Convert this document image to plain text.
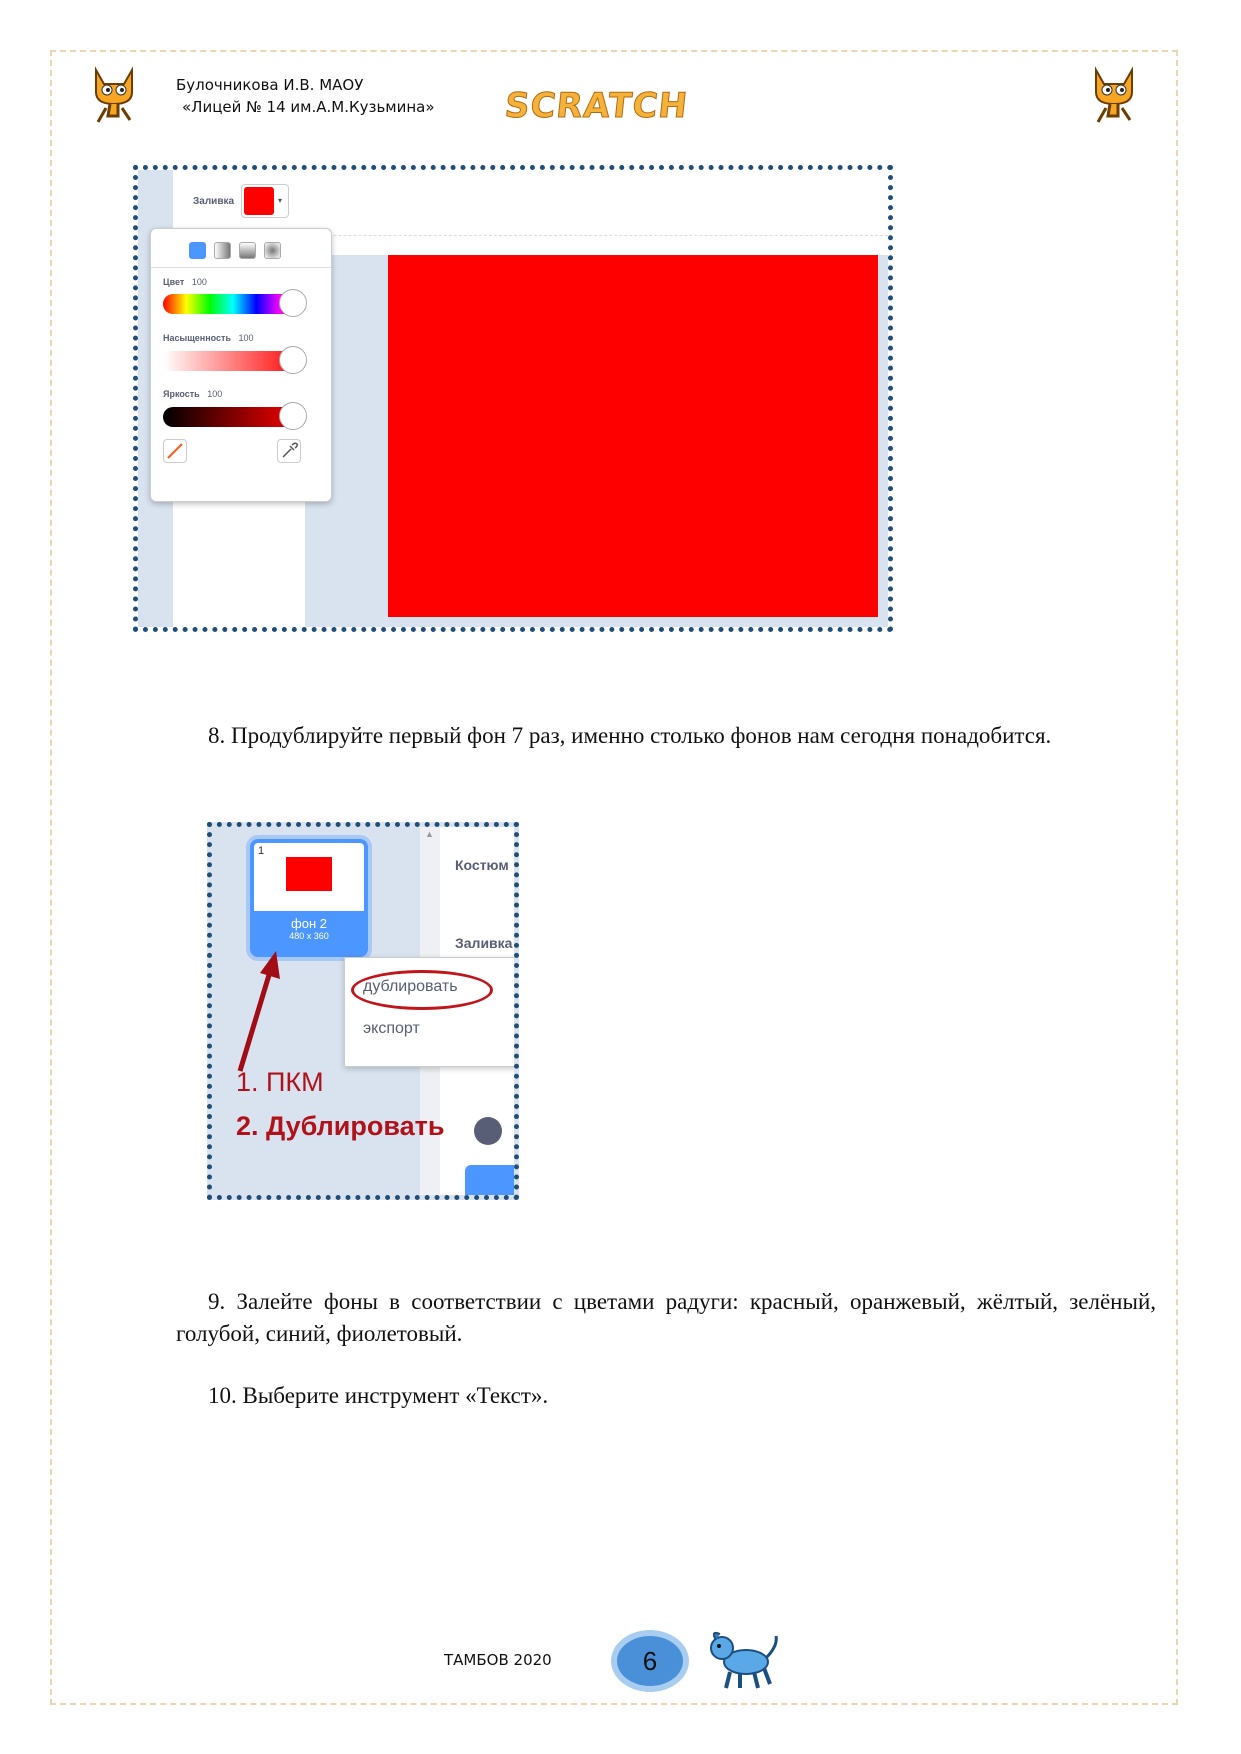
Булочникова И.В. МАОУ
«Лицей № 14 им.А.М.Кузьмина» SCRATCH
Заливка	▾
Цвет 100
Насыщенность 100
Яркость 100
8. Продублируйте первый фон 7 раз, именно столько фонов нам сегодня понадобится.
▲
Костюм
Заливка
1
фон 2
480 x 360
дублировать
экспорт
1. ПКМ
2. Дублировать
9. Залейте фоны в соответствии с цветами радуги: красный, оранжевый, жёлтый, зелёный, голубой, синий, фиолетовый.
10. Выберите инструмент «Текст».
ТАМБОВ 2020	6
